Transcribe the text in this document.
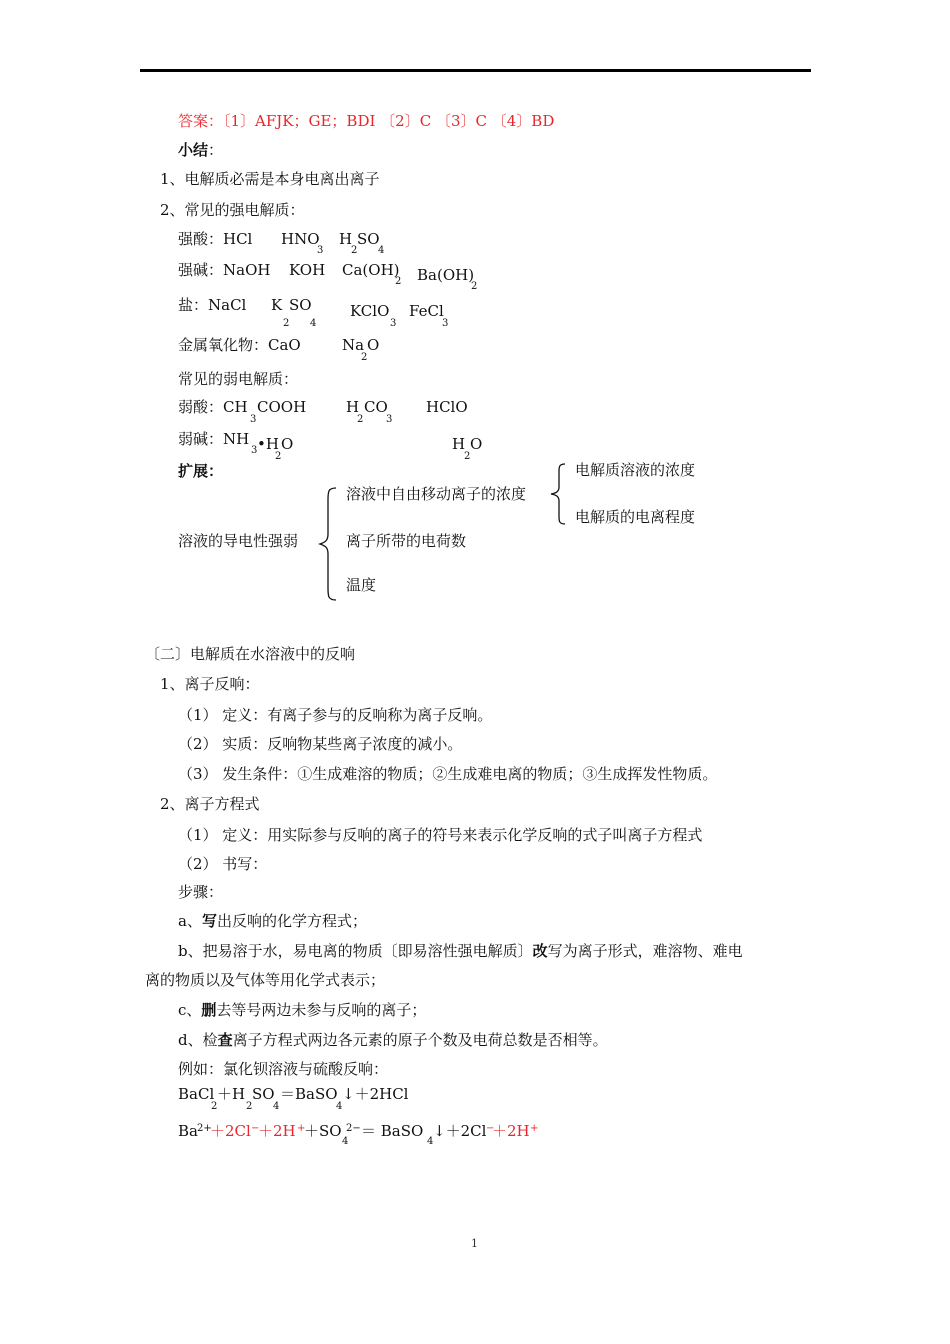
答案：〔1〕AFJK；GE；BDI 〔2〕C 〔3〕C 〔4〕BD
小结：
1、电解质必需是本身电离出离子
2、常见的强电解质：
强酸：HCl HNO
3
H
2
SO
4
强碱：NaOH KOH Ca(OH)
2 Ba(OH)
2
盐：NaCl K SO
2 4
KClO
3
FeCl
3
金属氧化物：CaO	Na O
2
常见的弱电解质：
弱酸：CH
3
COOH	H
2
CO
3
HClO
弱碱：NH
3 •H
2
O	H O
2
扩展：
溶液的导电性强弱
溶液中自由移动离子的浓度
离子所带的电荷数
温度
电解质溶液的浓度
电解质的电离程度
〔二〕电解质在水溶液中的反响
1、离子反响：
（1） 定义：有离子参与的反响称为离子反响。
（2） 实质：反响物某些离子浓度的减小。
（3） 发生条件：①生成难溶的物质；②生成难电离的物质；③生成挥发性物质。
2、离子方程式
（1） 定义：用实际参与反响的离子的符号来表示化学反响的式子叫离子方程式
（2） 书写：
步骤：
a、写出反响的化学方程式；
b、把易溶于水，易电离的物质〔即易溶性强电解质〕改写为离子形式，难溶物、难电
离的物质以及气体等用化学式表示；
c、删去等号两边未参与反响的离子；
d、检查离子方程式两边各元素的原子个数及电荷总数是否相等。
例如：氯化钡溶液与硫酸反响：
BaCl
2
＋H
2
SO
4
＝BaSO
4
↓＋2HCl
Ba 2+
＋2Cl −
＋2H +
＋SO
4
2− ＝ BaSO
4
↓＋2Cl −
＋2H +
1
